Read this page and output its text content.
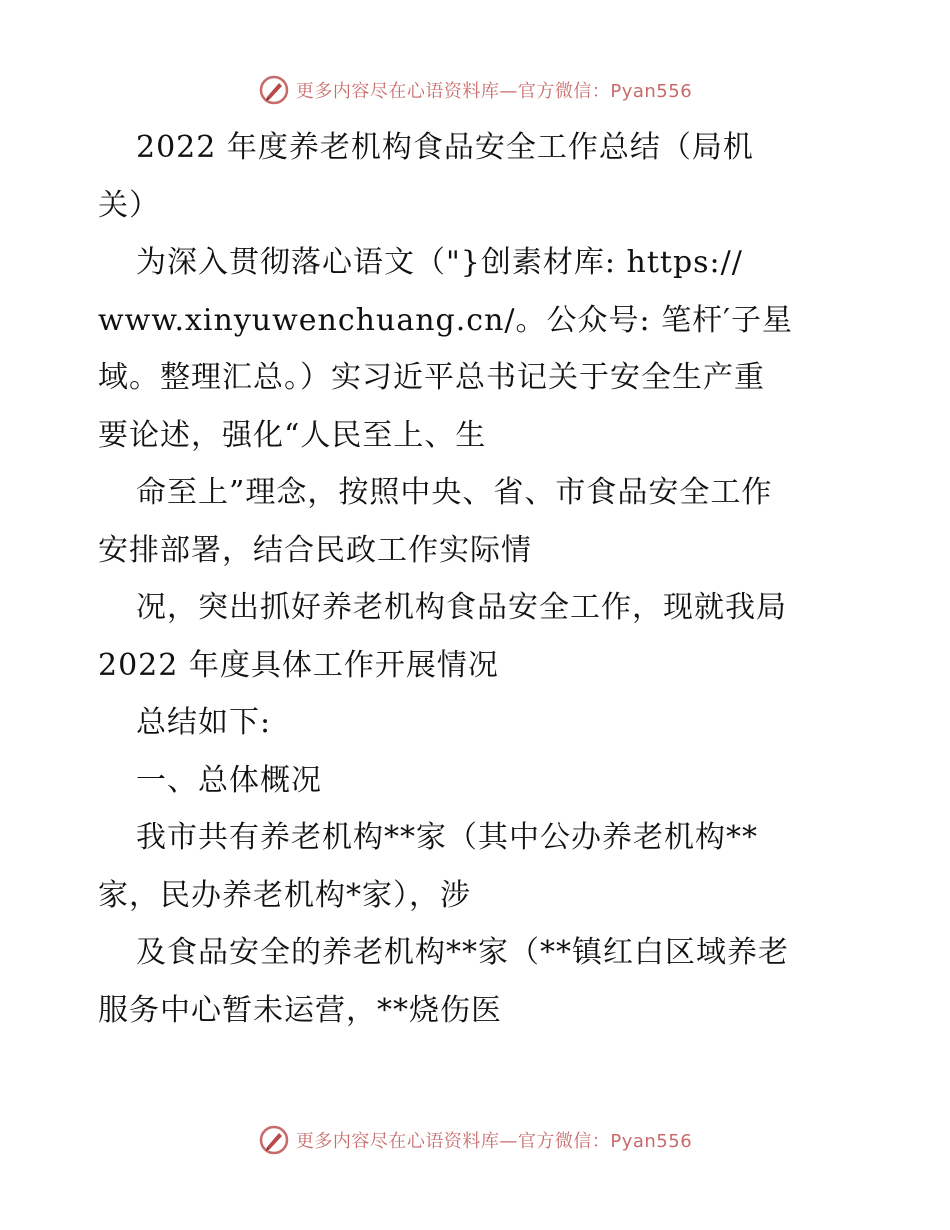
更多内容尽在心语资料库—官方微信：Pyan556
2022 年度养老机构食品安全工作总结（局机
关）
为深入贯彻落心语文（"}创素材库: https://
www.xinyuwenchuang.cn/。公众号: 笔杆′子星
域。整理汇总。）实习近平总书记关于安全生产重
要论述，强化“人民至上、生
命至上”理念，按照中央、省、市食品安全工作
安排部署，结合民政工作实际情
况，突出抓好养老机构食品安全工作，现就我局
2022 年度具体工作开展情况
总结如下:
一、总体概况
我市共有养老机构**家（其中公办养老机构**
家，民办养老机构*家），涉
及食品安全的养老机构**家（**镇红白区域养老
服务中心暂未运营，**烧伤医
更多内容尽在心语资料库—官方微信：Pyan556
